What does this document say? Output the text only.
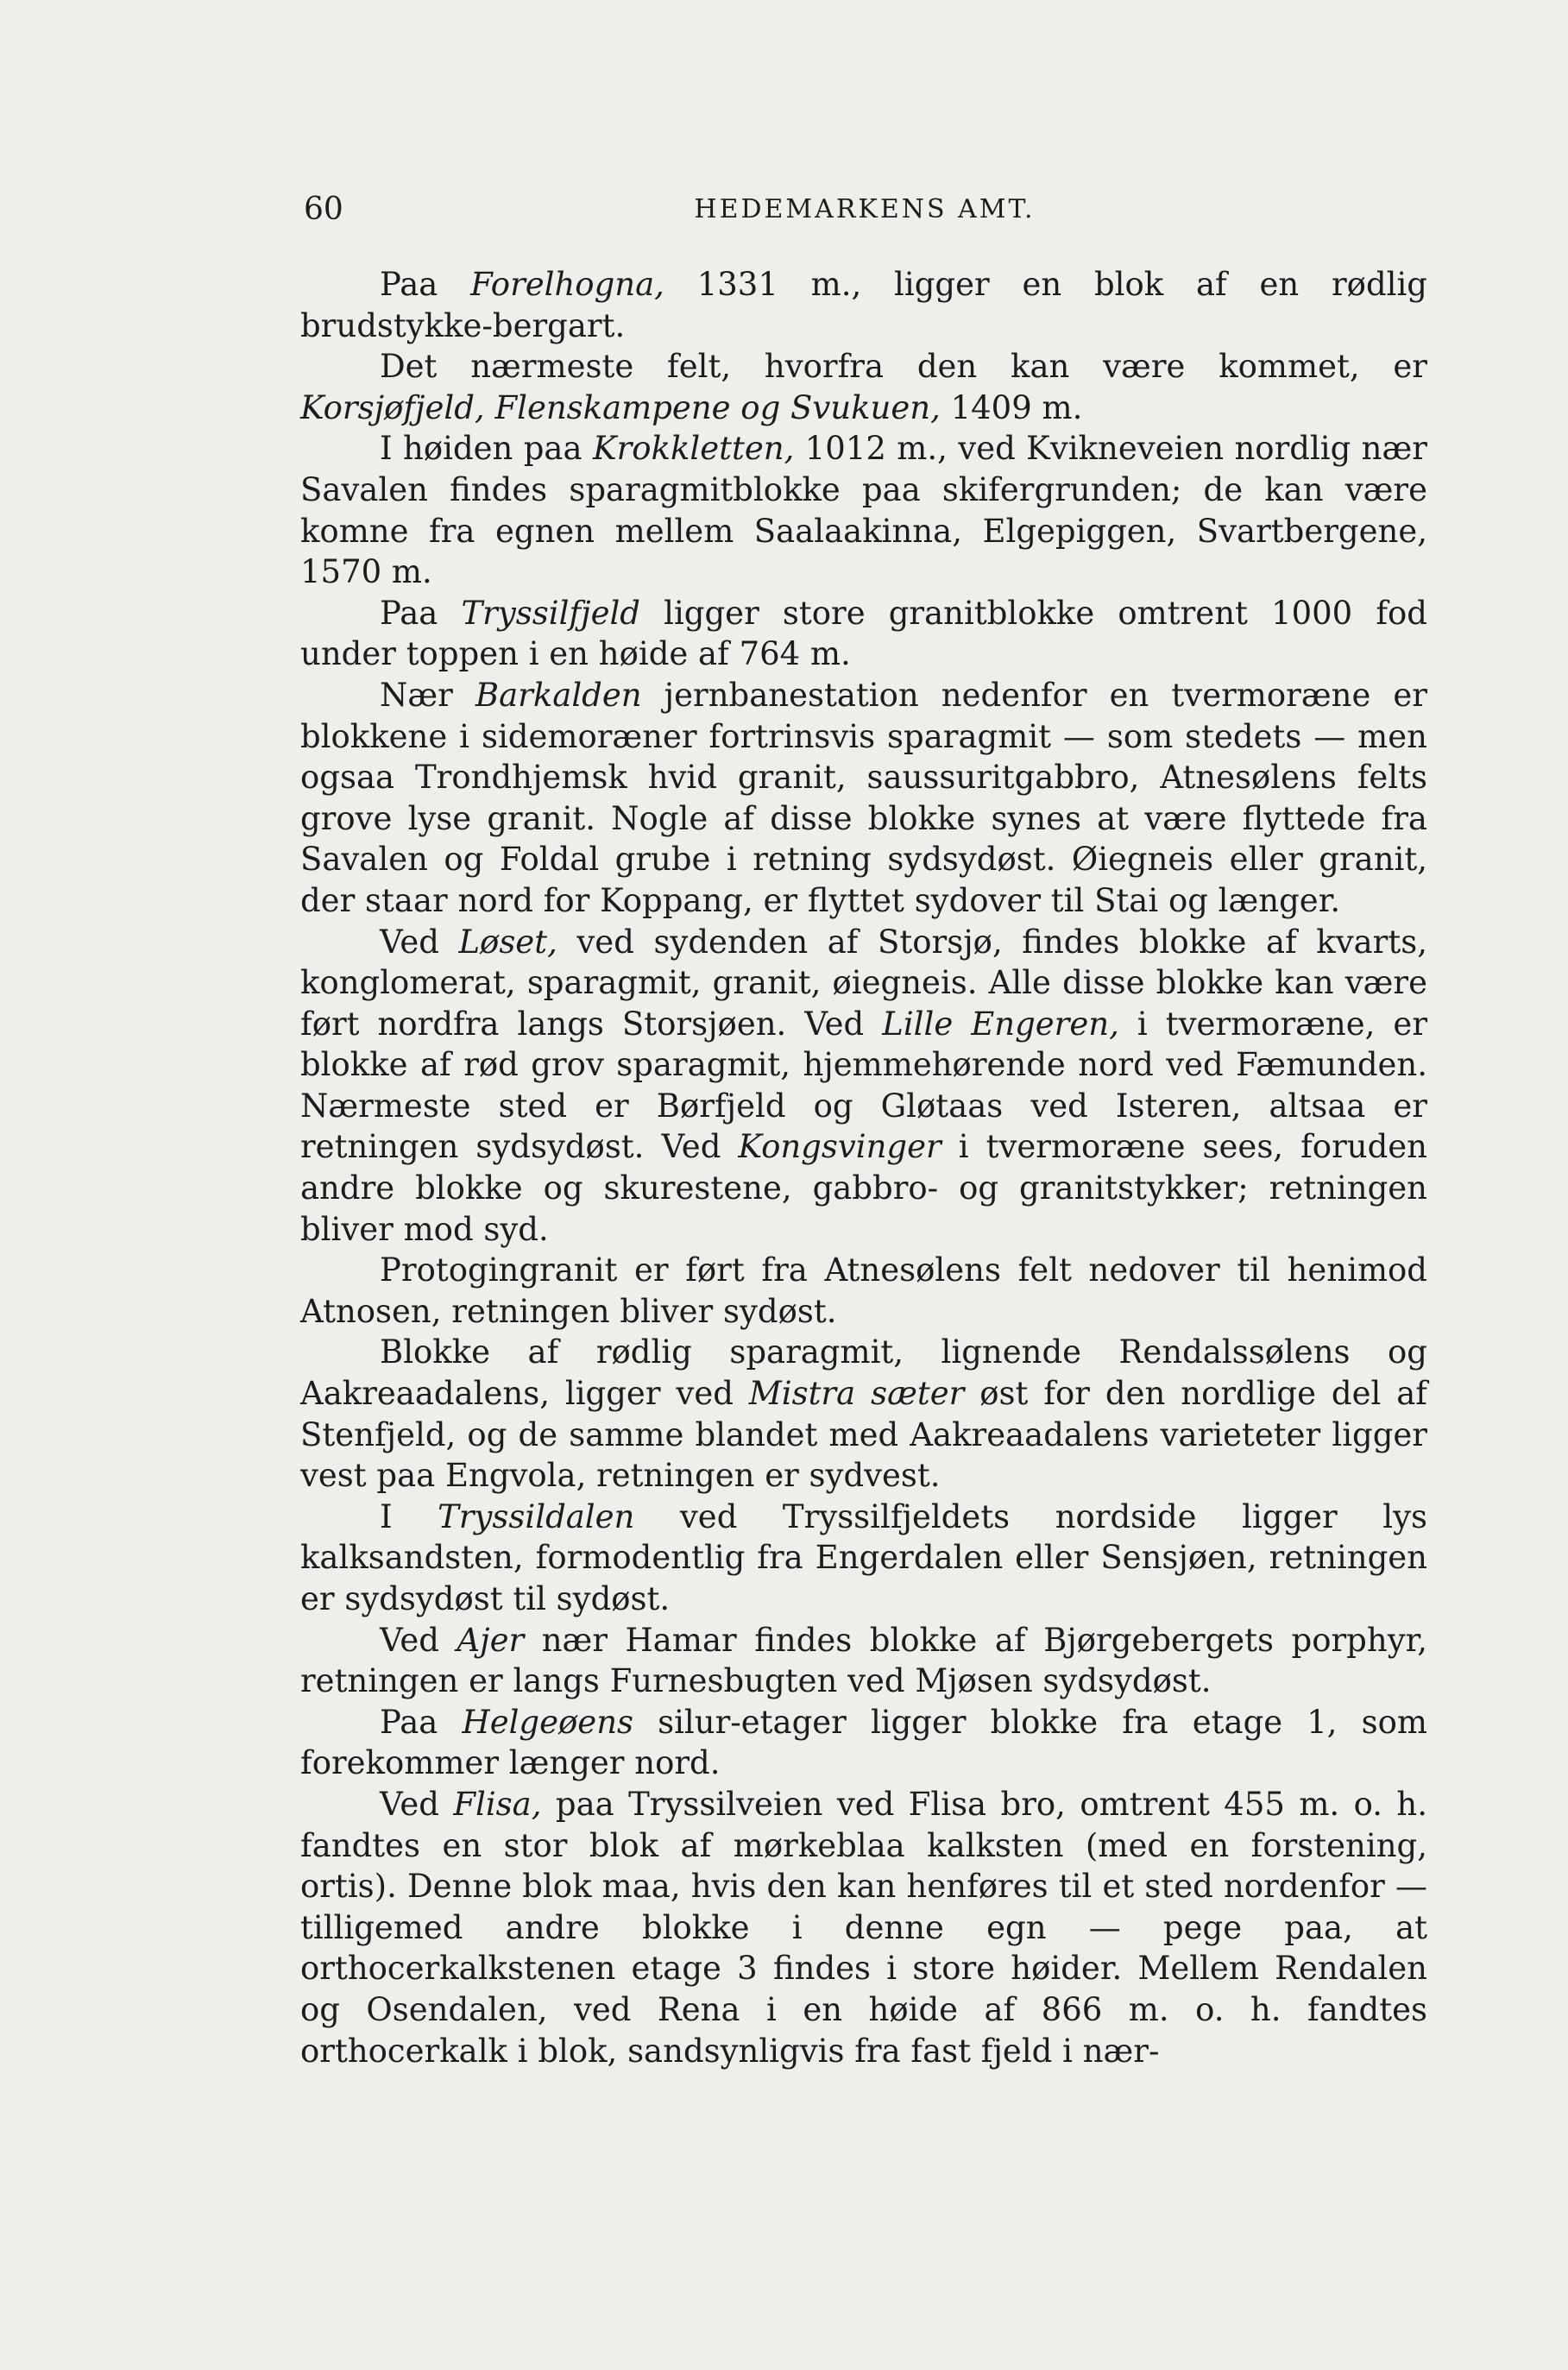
60	HEDEMARKENS AMT.

Paa Forelhogna, 1331 m., ligger en blok af en rødlig brudstykke-bergart.

Det nærmeste felt, hvorfra den kan være kommet, er Korsjøfjeld, Flenskampene og Svukuen, 1409 m.

I høiden paa Krokkletten, 1012 m., ved Kvikneveien nordlig nær Savalen findes sparagmitblokke paa skifergrunden; de kan være komne fra egnen mellem Saalaakinna, Elgepiggen, Svartbergene, 1570 m.

Paa Tryssilfjeld ligger store granitblokke omtrent 1000 fod under toppen i en høide af 764 m.

Nær Barkalden jernbanestation nedenfor en tvermoræne er blokkene i sidemoræner fortrinsvis sparagmit — som stedets — men ogsaa Trondhjemsk hvid granit, saussuritgabbro, Atnesølens felts grove lyse granit. Nogle af disse blokke synes at være flyttede fra Savalen og Foldal grube i retning sydsydøst. Øiegneis eller granit, der staar nord for Koppang, er flyttet sydover til Stai og længer.

Ved Løset, ved sydenden af Storsjø, findes blokke af kvarts, konglomerat, sparagmit, granit, øiegneis. Alle disse blokke kan være ført nordfra langs Storsjøen. Ved Lille Engeren, i tvermoræne, er blokke af rød grov sparagmit, hjemmehørende nord ved Fæmunden. Nærmeste sted er Børfjeld og Gløtaas ved Isteren, altsaa er retningen sydsydøst. Ved Kongsvinger i tvermoræne sees, foruden andre blokke og skurestene, gabbro- og granitstykker; retningen bliver mod syd.

Protogingranit er ført fra Atnesølens felt nedover til henimod Atnosen, retningen bliver sydøst.

Blokke af rødlig sparagmit, lignende Rendalssølens og Aakreaadalens, ligger ved Mistra sæter øst for den nordlige del af Stenfjeld, og de samme blandet med Aakreaadalens varieteter ligger vest paa Engvola, retningen er sydvest.

I Tryssildalen ved Tryssilfjeldets nordside ligger lys kalksandsten, formodentlig fra Engerdalen eller Sensjøen, retningen er sydsydøst til sydøst.

Ved Ajer nær Hamar findes blokke af Bjørgebergets porphyr, retningen er langs Furnesbugten ved Mjøsen sydsydøst.

Paa Helgeøens silur-etager ligger blokke fra etage 1, som forekommer længer nord.

Ved Flisa, paa Tryssilveien ved Flisa bro, omtrent 455 m. o. h. fandtes en stor blok af mørkeblaa kalksten (med en forstening, ortis). Denne blok maa, hvis den kan henføres til et sted nordenfor — tilligemed andre blokke i denne egn — pege paa, at orthocerkalkstenen etage 3 findes i store høider. Mellem Rendalen og Osendalen, ved Rena i en høide af 866 m. o. h. fandtes orthocerkalk i blok, sandsynligvis fra fast fjeld i nær-
